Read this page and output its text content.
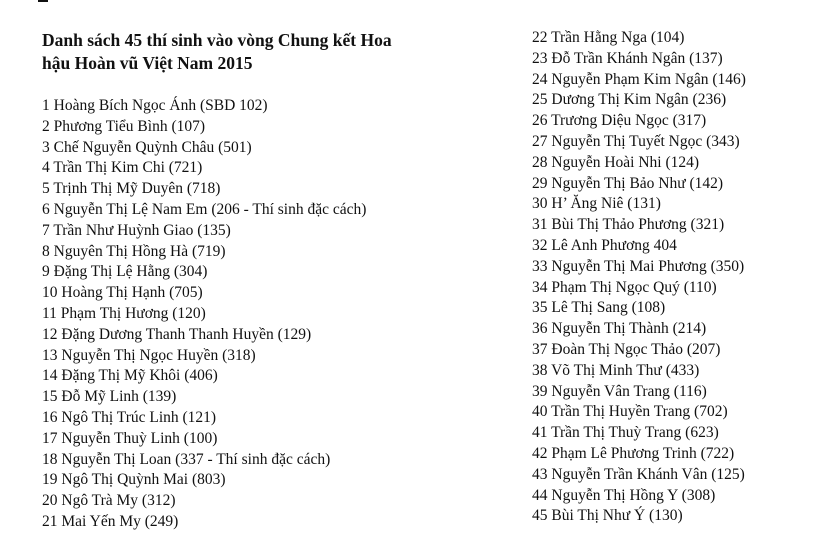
Danh sách 45 thí sinh vào vòng Chung kết Hoa
hậu Hoàn vũ Việt Nam 2015
1 Hoàng Bích Ngọc Ánh (SBD 102)
2 Phương Tiểu Bình (107)
3 Chế Nguyễn Quỳnh Châu (501)
4 Trần Thị Kim Chi (721)
5 Trịnh Thị Mỹ Duyên (718)
6 Nguyễn Thị Lệ Nam Em (206 - Thí sinh đặc cách)
7 Trần Như Huỳnh Giao (135)
8 Nguyên Thị Hồng Hà (719)
9 Đặng Thị Lệ Hằng (304)
10 Hoàng Thị Hạnh (705)
11 Phạm Thị Hương (120)
12 Đặng Dương Thanh Thanh Huyền (129)
13 Nguyễn Thị Ngọc Huyền (318)
14 Đặng Thị Mỹ Khôi (406)
15 Đỗ Mỹ Linh (139)
16 Ngô Thị Trúc Linh (121)
17 Nguyễn Thuỳ Linh (100)
18 Nguyễn Thị Loan (337 - Thí sinh đặc cách)
19 Ngô Thị Quỳnh Mai (803)
20 Ngô Trà My (312)
21 Mai Yến My (249)
22 Trần Hằng Nga (104)
23 Đỗ Trần Khánh Ngân (137)
24 Nguyễn Phạm Kim Ngân (146)
25 Dương Thị Kim Ngân (236)
26 Trương Diệu Ngọc (317)
27 Nguyễn Thị Tuyết Ngọc (343)
28 Nguyễn Hoài Nhi (124)
29 Nguyễn Thị Bảo Như (142)
30 H’ Ăng Niê (131)
31 Bùi Thị Thảo Phương (321)
32 Lê Anh Phương 404
33 Nguyễn Thị Mai Phương (350)
34 Phạm Thị Ngọc Quý (110)
35 Lê Thị Sang (108)
36 Nguyễn Thị Thành (214)
37 Đoàn Thị Ngọc Thảo (207)
38 Võ Thị Minh Thư (433)
39 Nguyễn Vân Trang (116)
40 Trần Thị Huyền Trang (702)
41 Trần Thị Thuỳ Trang (623)
42 Phạm Lê Phương Trinh (722)
43 Nguyễn Trần Khánh Vân (125)
44 Nguyễn Thị Hồng Y (308)
45 Bùi Thị Như Ý (130)
